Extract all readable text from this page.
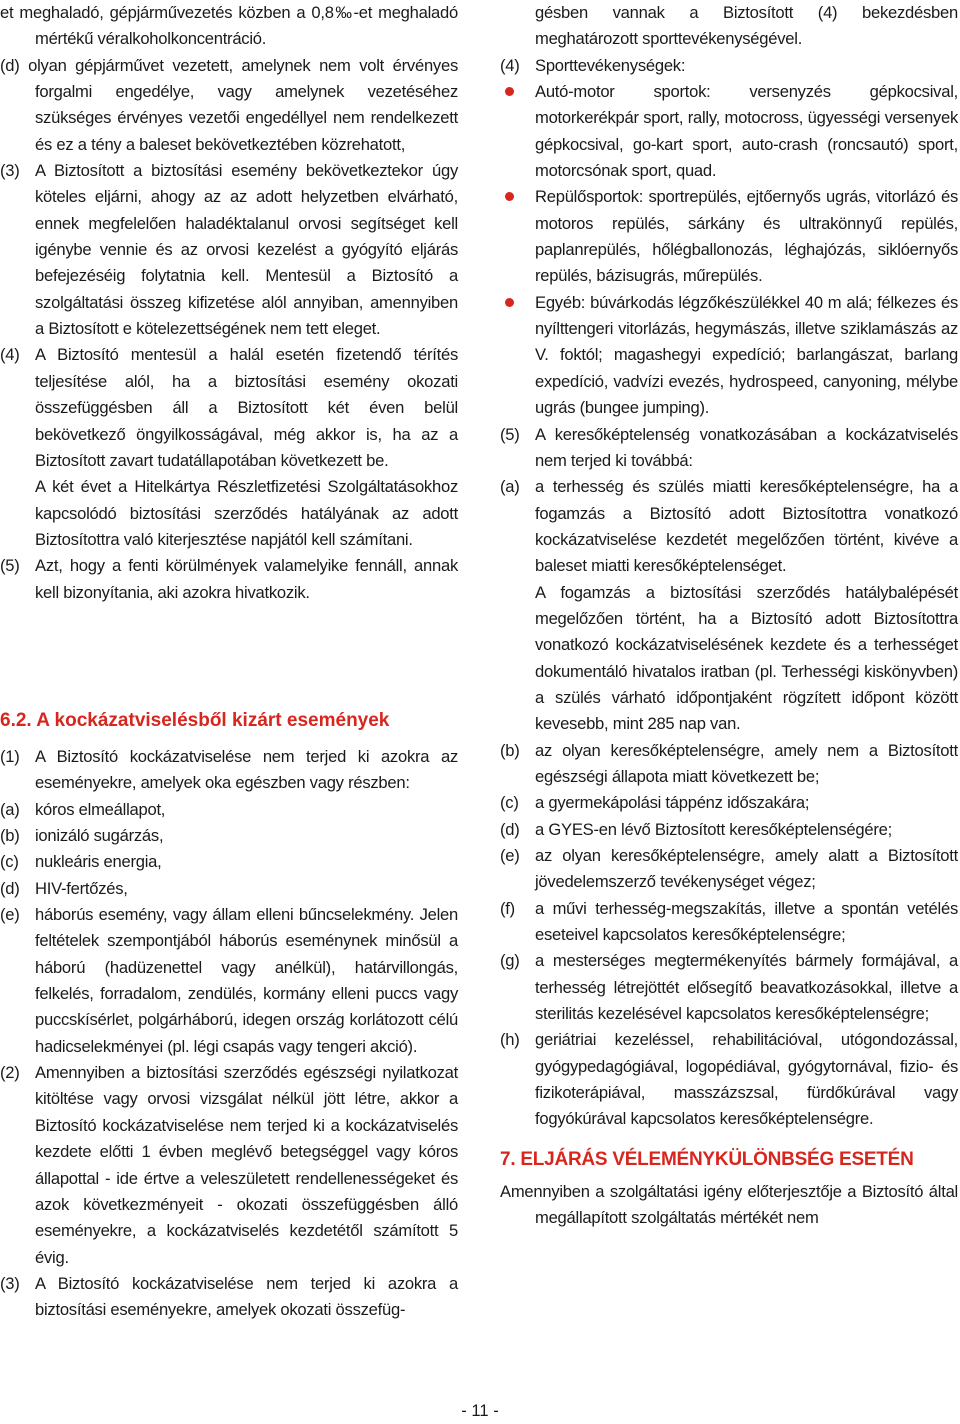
et meghaladó, gépjárművezetés közben a 0,8‰-et meghaladó mértékű véralkoholkoncentráció.
(d) olyan gépjárművet vezetett, amelynek nem volt érvényes forgalmi engedélye, vagy amelynek vezetéséhez szükséges érvényes vezetői engedéllyel nem rendelkezett és ez a tény a baleset bekövetkeztében közrehatott,
(3) A Biztosított a biztosítási esemény bekövetkeztekor úgy köteles eljárni, ahogy az az adott helyzetben elvárható, ennek megfelelően haladéktalanul orvosi segítséget kell igénybe vennie és az orvosi kezelést a gyógyító eljárás befejezéséig folytatnia kell. Mentesül a Biztosító a szolgáltatási összeg kifizetése alól annyiban, amennyiben a Biztosított e kötelezettségének nem tett eleget.
(4) A Biztosító mentesül a halál esetén fizetendő térítés teljesítése alól, ha a biztosítási esemény okozati összefüggésben áll a Biztosított két éven belül bekövetkező öngyilkosságával, még akkor is, ha az a Biztosított zavart tudatállapotában következett be.
A két évet a Hitelkártya Részletfizetési Szolgáltatásokhoz kapcsolódó biztosítási szerződés hatályának az adott Biztosítottra való kiterjesztése napjától kell számítani.
(5) Azt, hogy a fenti körülmények valamelyike fennáll, annak kell bizonyítania, aki azokra hivatkozik.
6.2. A kockázatviselésből kizárt események
(1) A Biztosító kockázatviselése nem terjed ki azokra az eseményekre, amelyek oka egészben vagy részben:
(a) kóros elmeállapot,
(b) ionizáló sugárzás,
(c) nukleáris energia,
(d) HIV-fertőzés,
(e) háborús esemény, vagy állam elleni bűncselekmény. Jelen feltételek szempontjából háborús eseménynek minősül a háború (hadüzenettel vagy anélkül), határvillongás, felkelés, forradalom, zendülés, kormány elleni puccs vagy puccskísérlet, polgárháború, idegen ország korlátozott célú hadicselekményei (pl. légi csapás vagy tengeri akció).
(2) Amennyiben a biztosítási szerződés egészségi nyilatkozat kitöltése vagy orvosi vizsgálat nélkül jött létre, akkor a Biztosító kockázatviselése nem terjed ki a kockázatviselés kezdete előtti 1 évben meglévő betegséggel vagy kóros állapottal - ide értve a veleszületett rendellenességeket és azok következményeit - okozati összefüggésben álló eseményekre, a kockázatviselés kezdetétől számított 5 évig.
(3) A Biztosító kockázatviselése nem terjed ki azokra a biztosítási eseményekre, amelyek okozati összefüg-
gésben vannak a Biztosított (4) bekezdésben meghatározott sporttevékenységével.
(4) Sporttevékenységek:
Autó-motor sportok: versenyzés gépkocsival, motorkerékpár sport, rally, motocross, ügyességi versenyek gépkocsival, go-kart sport, auto-crash (roncsautó) sport, motorcsónak sport, quad.
Repülősportok: sportrepülés, ejtőernyős ugrás, vitorlázó és motoros repülés, sárkány és ultrakönnyű repülés, paplanrepülés, hőlégballonozás, léghajózás, siklóernyős repülés, bázisugrás, műrepülés.
Egyéb: búvárkodás légzőkészülékkel 40 m alá; félkezes és nyílttengeri vitorlázás, hegymászás, illetve sziklamászás az V. foktól; magashegyi expedíció; barlangászat, barlang expedíció, vadvízi evezés, hydrospeed, canyoning, mélybe ugrás (bungee jumping).
(5) A keresőképtelenség vonatkozásában a kockázatviselés nem terjed ki továbbá:
(a) a terhesség és szülés miatti keresőképtelenségre, ha a fogamzás a Biztosító adott Biztosítottra vonatkozó kockázatviselése kezdetét megelőzően történt, kivéve a baleset miatti keresőképtelenséget.
A fogamzás a biztosítási szerződés hatálybalépését megelőzően történt, ha a Biztosító adott Biztosítottra vonatkozó kockázatviselésének kezdete és a terhességet dokumentáló hivatalos iratban (pl. Terhességi kiskönyvben) a szülés várható időpontjaként rögzített időpont között kevesebb, mint 285 nap van.
(b) az olyan keresőképtelenségre, amely nem a Biztosított egészségi állapota miatt következett be;
(c) a gyermekápolási táppénz időszakára;
(d) a GYES-en lévő Biztosított keresőképtelenségére;
(e) az olyan keresőképtelenségre, amely alatt a Biztosított jövedelemszerző tevékenységet végez;
(f) a művi terhesség-megszakítás, illetve a spontán vetélés eseteivel kapcsolatos keresőképtelenségre;
(g) a mesterséges megtermékenyítés bármely formájával, a terhesség létrejöttét elősegítő beavatkozásokkal, illetve a sterilitás kezelésével kapcsolatos keresőképtelenségre;
(h) geriátriai kezeléssel, rehabilitációval, utógondozással, gyógypedagógiával, logopédiával, gyógytornával, fizio- és fizikoterápiával, masszázszsal, fürdőkúrával vagy fogyókúrával kapcsolatos keresőképtelenségre.
7. ELJÁRÁS VÉLEMÉNYKÜLÖNBSÉG ESETÉN
Amennyiben a szolgáltatási igény előterjesztője a Biztosító által megállapított szolgáltatás mértékét nem
- 11 -
